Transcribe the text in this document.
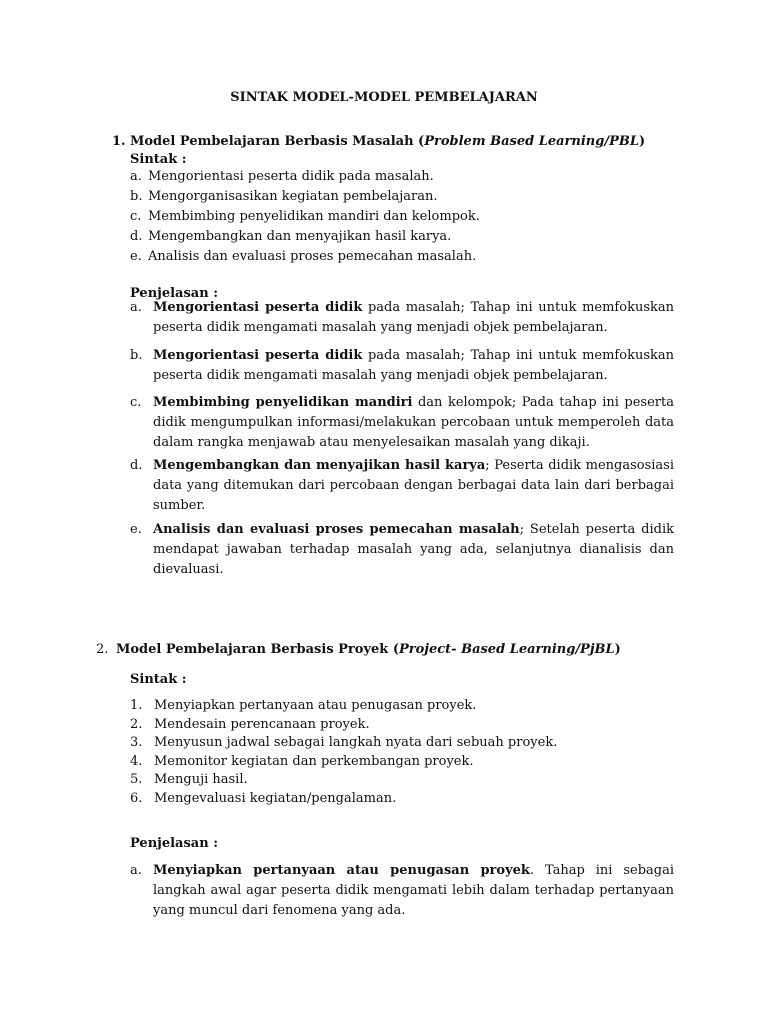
SINTAK MODEL-MODEL PEMBELAJARAN
1. Model Pembelajaran Berbasis Masalah (Problem Based Learning/PBL)
Sintak :
a. Mengorientasi peserta didik pada masalah.
b. Mengorganisasikan kegiatan pembelajaran.
c. Membimbing penyelidikan mandiri dan kelompok.
d. Mengembangkan dan menyajikan hasil karya.
e. Analisis dan evaluasi proses pemecahan masalah.
Penjelasan :
a. Mengorientasi peserta didik pada masalah; Tahap ini untuk memfokuskan peserta didik mengamati masalah yang menjadi objek pembelajaran.
b. Mengorientasi peserta didik pada masalah; Tahap ini untuk memfokuskan peserta didik mengamati masalah yang menjadi objek pembelajaran.
c. Membimbing penyelidikan mandiri dan kelompok; Pada tahap ini peserta didik mengumpulkan informasi/melakukan percobaan untuk memperoleh data dalam rangka menjawab atau menyelesaikan masalah yang dikaji.
d. Mengembangkan dan menyajikan hasil karya; Peserta didik mengasosiasi data yang ditemukan dari percobaan dengan berbagai data lain dari berbagai sumber.
e. Analisis dan evaluasi proses pemecahan masalah; Setelah peserta didik mendapat jawaban terhadap masalah yang ada, selanjutnya dianalisis dan dievaluasi.
2. Model Pembelajaran Berbasis Proyek (Project- Based Learning/PjBL)
Sintak :
1. Menyiapkan pertanyaan atau penugasan proyek.
2. Mendesain perencanaan proyek.
3. Menyusun jadwal sebagai langkah nyata dari sebuah proyek.
4. Memonitor kegiatan dan perkembangan proyek.
5. Menguji hasil.
6. Mengevaluasi kegiatan/pengalaman.
Penjelasan :
a. Menyiapkan pertanyaan atau penugasan proyek. Tahap ini sebagai langkah awal agar peserta didik mengamati lebih dalam terhadap pertanyaan yang muncul dari fenomena yang ada.
